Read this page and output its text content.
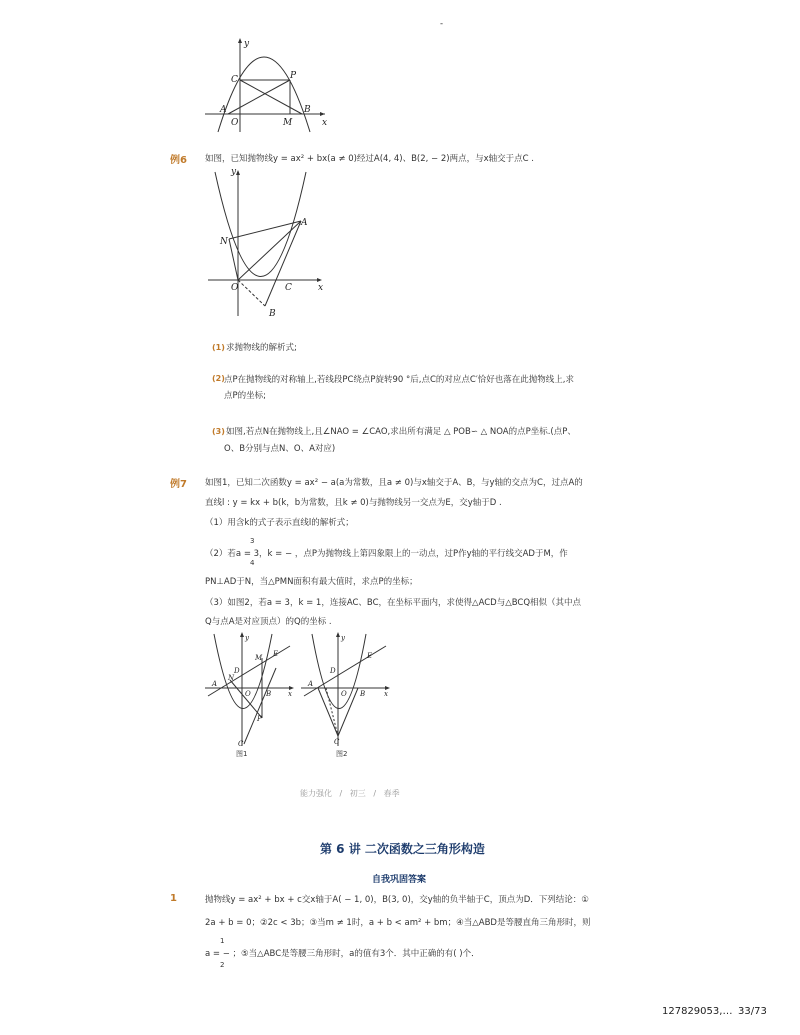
-
y
C	P
A
O	M
B
x
例6 如图，已知抛物线y = ax² + bx(a ≠ 0)经过A(4, 4)、B(2, − 2)两点，与x轴交于点C .
y
A
N
O	C	x
B
(1) 求抛物线的解析式;
(2) 点P在抛物线的对称轴上,若线段PC绕点P旋转90 °后,点C的对应点C′恰好也落在此抛物线上,求
点P的坐标;
(3) 如图,若点N在抛物线上,且∠NAO = ∠CAO,求出所有满足 △ POB∽ △ NOA的点P坐标.(点P、
O、B分别与点N、O、A对应)
例7 如图1，已知二次函数y = ax² − a(a为常数，且a ≠ 0)与x轴交于A、B，与y轴的交点为C，过点A的
直线l : y = kx + b(k，b为常数，且k ≠ 0)与抛物线另一交点为E，交y轴于D .
（1）用含k的式子表示直线l的解析式；
3
（2）若a = 3，k = − ，点P为抛物线上第四象限上的一动点，过P作y轴的平行线交AD于M，作
4
PN⊥AD于N，当△PMN面积有最大值时，求点P的坐标；
（3）如图2，若a = 3，k = 1，连接AC、BC，在坐标平面内，求使得△ACD与△BCQ相似（其中点
Q与点A是对应顶点）的Q的坐标 .
y
M E
D
A
O B
N
x
P
C
图1
y
E
D
A
O B	x
C
图2
能力强化 / 初三 / 春季
第 6 讲 二次函数之三角形构造
自我巩固答案
1	抛物线y = ax² + bx + c交x轴于A( − 1, 0)，B(3, 0)，交y轴的负半轴于C，顶点为D．下列结论：①
2a + b = 0；②2c < 3b；③当m ≠ 1时，a + b < am² + bm；④当△ABD是等腰直角三角形时，则
1
a = − ；⑤当△ABC是等腰三角形时，a的值有3个．其中正确的有( )个．
2
127829053,… 33/73
